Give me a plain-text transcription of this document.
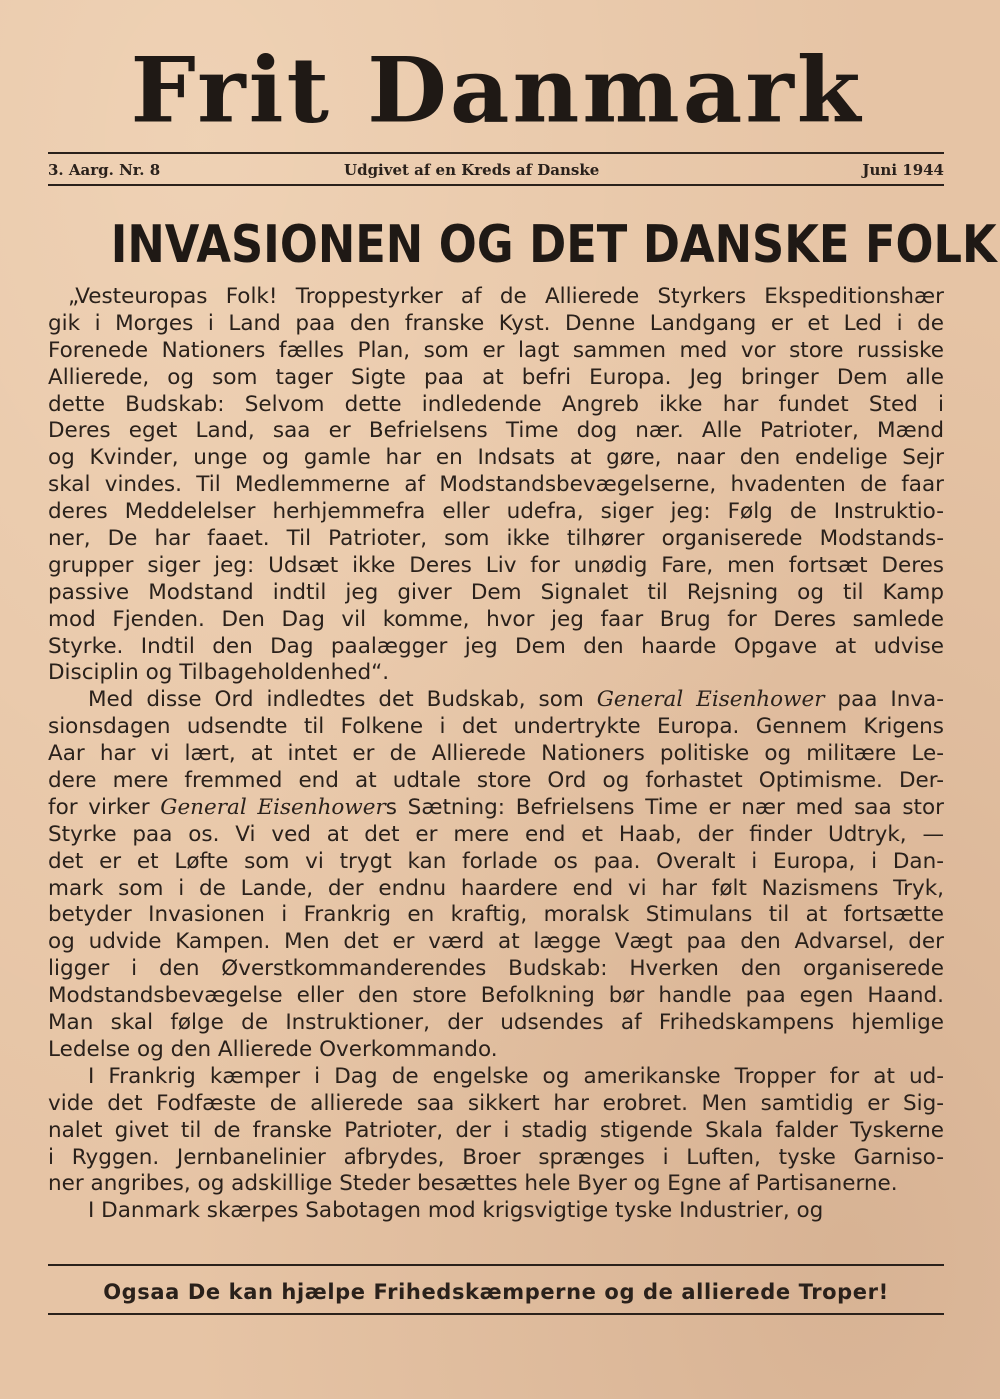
Frit Danmark
3. Aarg. Nr. 8	Udgivet af en Kreds af Danske	Juni 1944
INVASIONEN OG DET DANSKE FOLK
„Vesteuropas Folk! Troppestyrker af de Allierede Styrkers Ekspeditionshær
gik i Morges i Land paa den franske Kyst. Denne Landgang er et Led i de
Forenede Nationers fælles Plan, som er lagt sammen med vor store russiske
Allierede, og som tager Sigte paa at befri Europa. Jeg bringer Dem alle
dette Budskab: Selvom dette indledende Angreb ikke har fundet Sted i
Deres eget Land, saa er Befrielsens Time dog nær. Alle Patrioter, Mænd
og Kvinder, unge og gamle har en Indsats at gøre, naar den endelige Sejr
skal vindes. Til Medlemmerne af Modstandsbevægelserne, hvadenten de faar
deres Meddelelser herhjemmefra eller udefra, siger jeg: Følg de Instruktio-
ner, De har faaet. Til Patrioter, som ikke tilhører organiserede Modstands-
grupper siger jeg: Udsæt ikke Deres Liv for unødig Fare, men fortsæt Deres
passive Modstand indtil jeg giver Dem Signalet til Rejsning og til Kamp
mod Fjenden. Den Dag vil komme, hvor jeg faar Brug for Deres samlede
Styrke. Indtil den Dag paalægger jeg Dem den haarde Opgave at udvise
Disciplin og Tilbageholdenhed“.
Med disse Ord indledtes det Budskab, som General Eisenhower paa Inva-
sionsdagen udsendte til Folkene i det undertrykte Europa. Gennem Krigens
Aar har vi lært, at intet er de Allierede Nationers politiske og militære Le-
dere mere fremmed end at udtale store Ord og forhastet Optimisme. Der-
for virker General Eisenhowers Sætning: Befrielsens Time er nær med saa stor
Styrke paa os. Vi ved at det er mere end et Haab, der finder Udtryk, —
det er et Løfte som vi trygt kan forlade os paa. Overalt i Europa, i Dan-
mark som i de Lande, der endnu haardere end vi har følt Nazismens Tryk,
betyder Invasionen i Frankrig en kraftig, moralsk Stimulans til at fortsætte
og udvide Kampen. Men det er værd at lægge Vægt paa den Advarsel, der
ligger i den Øverstkommanderendes Budskab: Hverken den organiserede
Modstandsbevægelse eller den store Befolkning bør handle paa egen Haand.
Man skal følge de Instruktioner, der udsendes af Frihedskampens hjemlige
Ledelse og den Allierede Overkommando.
I Frankrig kæmper i Dag de engelske og amerikanske Tropper for at ud-
vide det Fodfæste de allierede saa sikkert har erobret. Men samtidig er Sig-
nalet givet til de franske Patrioter, der i stadig stigende Skala falder Tyskerne
i Ryggen. Jernbanelinier afbrydes, Broer sprænges i Luften, tyske Garniso-
ner angribes, og adskillige Steder besættes hele Byer og Egne af Partisanerne.
I Danmark skærpes Sabotagen mod krigsvigtige tyske Industrier, og
Ogsaa De kan hjælpe Frihedskæmperne og de allierede Troper!
